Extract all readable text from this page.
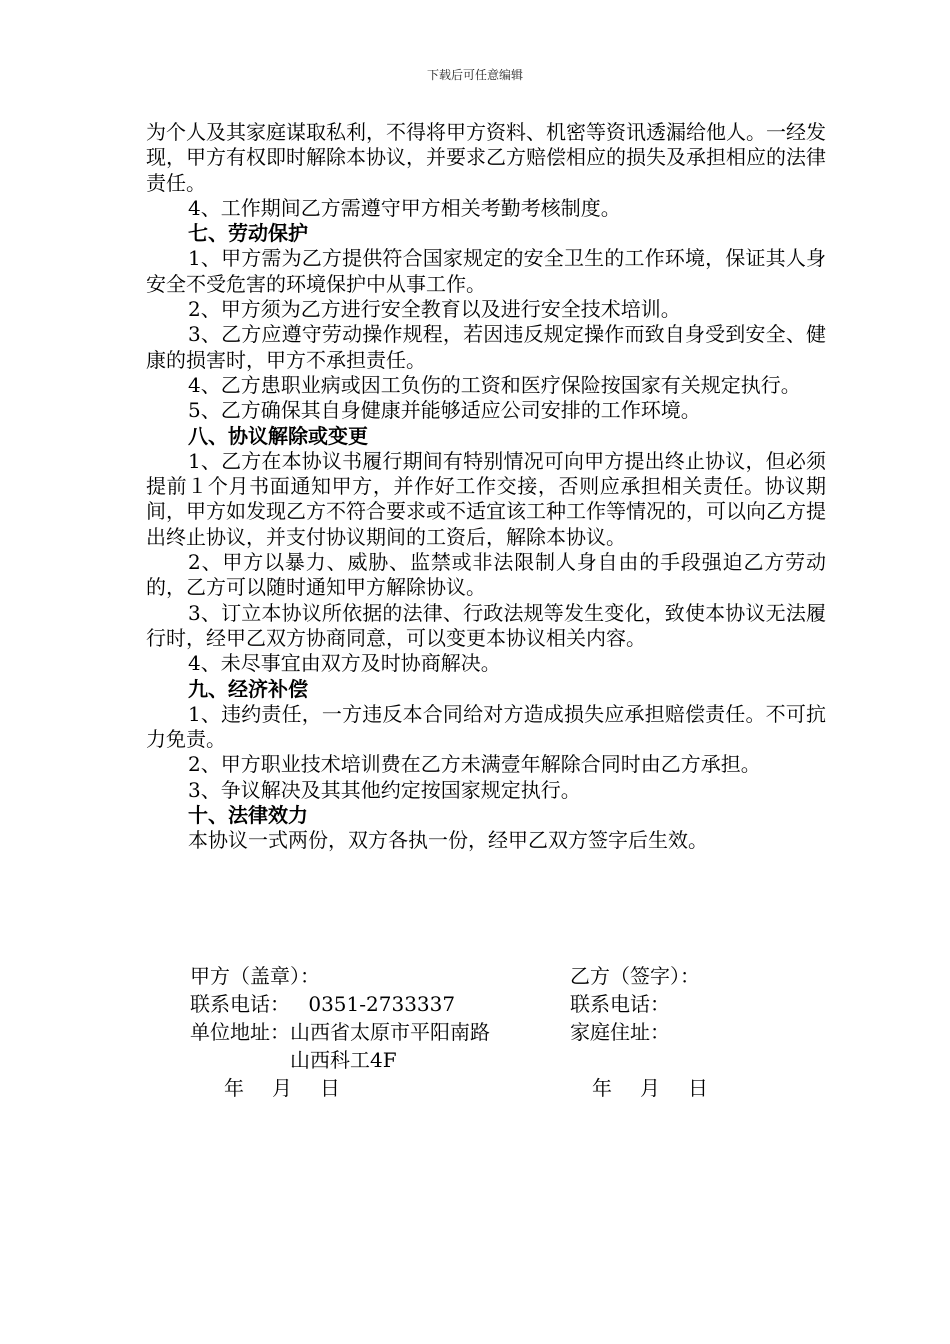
下载后可任意编辑

为个人及其家庭谋取私利，不得将甲方资料、机密等资讯透漏给他人。一经发现，甲方有权即时解除本协议，并要求乙方赔偿相应的损失及承担相应的法律责任。

4、工作期间乙方需遵守甲方相关考勤考核制度。

七、劳动保护

1、甲方需为乙方提供符合国家规定的安全卫生的工作环境，保证其人身安全不受危害的环境保护中从事工作。

2、甲方须为乙方进行安全教育以及进行安全技术培训。

3、乙方应遵守劳动操作规程，若因违反规定操作而致自身受到安全、健康的损害时，甲方不承担责任。

4、乙方患职业病或因工负伤的工资和医疗保险按国家有关规定执行。

5、乙方确保其自身健康并能够适应公司安排的工作环境。

八、协议解除或变更

1、乙方在本协议书履行期间有特别情况可向甲方提出终止协议，但必须提前１个月书面通知甲方，并作好工作交接，否则应承担相关责任。协议期间，甲方如发现乙方不符合要求或不适宜该工种工作等情况的，可以向乙方提出终止协议，并支付协议期间的工资后，解除本协议。

2、甲方以暴力、威胁、监禁或非法限制人身自由的手段强迫乙方劳动的，乙方可以随时通知甲方解除协议。

3、订立本协议所依据的法律、行政法规等发生变化，致使本协议无法履行时，经甲乙双方协商同意，可以变更本协议相关内容。

4、未尽事宜由双方及时协商解决。

九、经济补偿

1、违约责任，一方违反本合同给对方造成损失应承担赔偿责任。不可抗力免责。

2、甲方职业技术培训费在乙方未满壹年解除合同时由乙方承担。

3、争议解决及其其他约定按国家规定执行。

十、法律效力

本协议一式两份，双方各执一份，经甲乙双方签字后生效。

甲方（盖章）：
联系电话： 0351-2733337
单位地址： 山西省太原市平阳南路山西科工4F
年 月 日
乙方（签字）：
联系电话：
家庭住址：
年 月 日
